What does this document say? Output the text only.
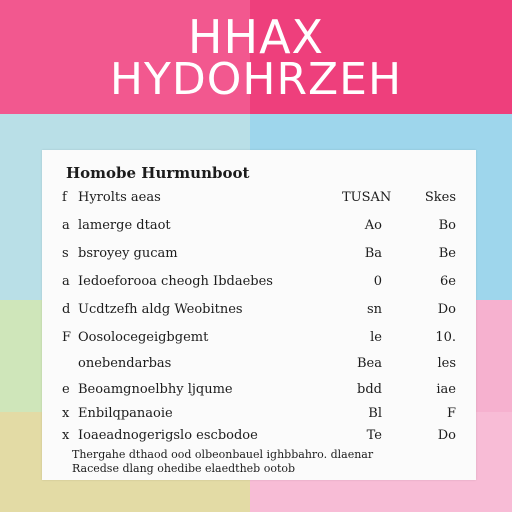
HHAX
HYDOHRZEH
Homobe Hurmunboot
f Hyrolts aeas	TUSAN	Skes
a lamerge dtaot	Ao	Bo
s bsroyey gucam	Ba	Be
a Iedoeforooa cheogh Ibdaebes	0	6e
d Ucdtzefh aldg Weobitnes	sn	Do
F Oosolocegeigbgemt	le	10.
onebendarbas	Bea	les
e Beoamgnoelbhy ljqume	bdd	iae
x Enbilqpanaoie	Bl	F
x Ioaeadnogerigslo escbodoe	Te	Do
Thergahe dthaod ood olbeonbauel ighbbahro. dlaenar
Racedse dlang ohedibe elaedtheb ootob
